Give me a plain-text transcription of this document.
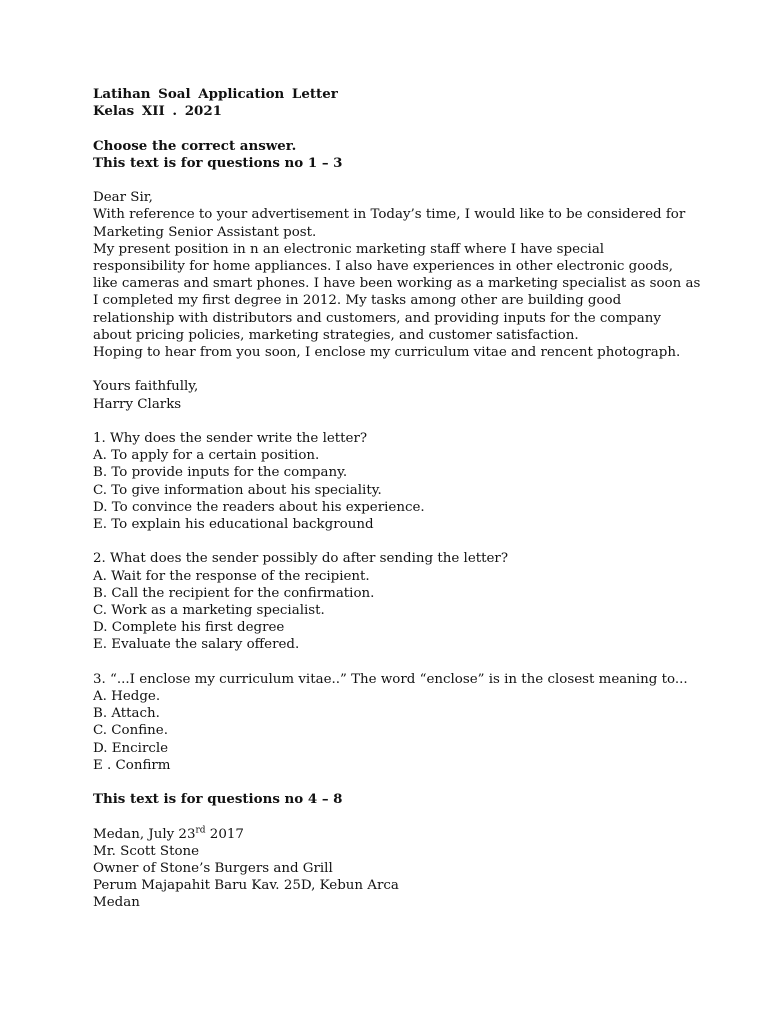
Latihan Soal Application Letter
Kelas XII . 2021
Choose the correct answer.
This text is for questions no 1 – 3
Dear Sir,
With reference to your advertisement in Today’s time, I would like to be considered for
Marketing Senior Assistant post.
My present position in n an electronic marketing staff where I have special
responsibility for home appliances. I also have experiences in other electronic goods,
like cameras and smart phones. I have been working as a marketing specialist as soon as
I completed my first degree in 2012. My tasks among other are building good
relationship with distributors and customers, and providing inputs for the company
about pricing policies, marketing strategies, and customer satisfaction.
Hoping to hear from you soon, I enclose my curriculum vitae and rencent photograph.
Yours faithfully,
Harry Clarks
1. Why does the sender write the letter?
A. To apply for a certain position.
B. To provide inputs for the company.
C. To give information about his speciality.
D. To convince the readers about his experience.
E. To explain his educational background
2. What does the sender possibly do after sending the letter?
A. Wait for the response of the recipient.
B. Call the recipient for the confirmation.
C. Work as a marketing specialist.
D. Complete his first degree
E. Evaluate the salary offered.
3. “...I enclose my curriculum vitae..” The word “enclose” is in the closest meaning to...
A. Hedge.
B. Attach.
C. Confine.
D. Encircle
E . Confirm
This text is for questions no 4 – 8
Medan, July 23rd 2017
Mr. Scott Stone
Owner of Stone’s Burgers and Grill
Perum Majapahit Baru Kav. 25D, Kebun Arca
Medan
